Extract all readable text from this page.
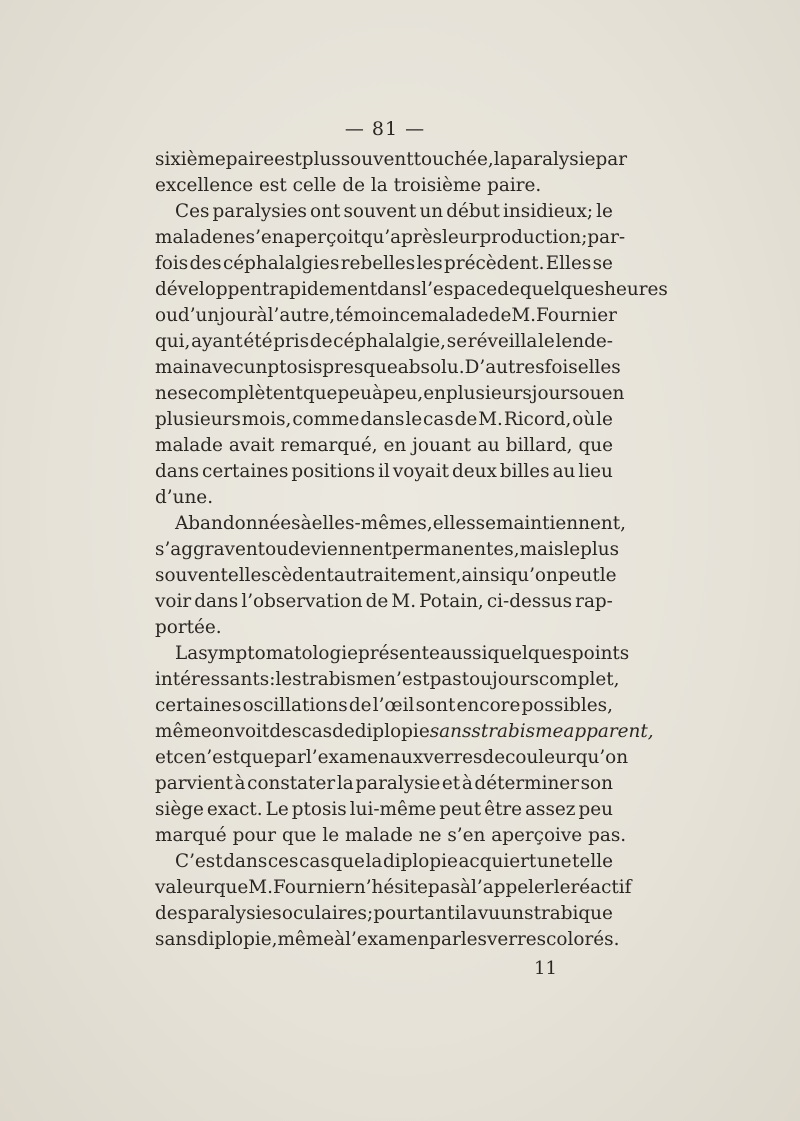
— 81 —
sixième paire est plus souvent touchée, la paralysie par
excellence est celle de la troisième paire.
Ces paralysies ont souvent un début insidieux; le
malade ne s’en aperçoit qu’après leur production ; par-
fois des céphalalgies rebelles les précèdent. Elles se
développent rapidement dans l’espace de quelques heures
ou d’un jour à l’autre, témoin ce malade de M. Fournier
qui, ayant été pris de céphalalgie, se réveilla le lende-
main avec un ptosis presque absolu. D’autres fois elles
ne se complètent que peu à peu, en plusieurs jours ou en
plusieurs mois, comme dans le cas de M. Ricord, où le
malade avait remarqué, en jouant au billard, que
dans certaines positions il voyait deux billes au lieu
d’une.
Abandonnées à elles-mêmes, elles se maintiennent,
s’aggravent ou deviennent permanentes, mais le plus
souvent elles cèdent au traitement, ainsi qu’on peut le
voir dans l’observation de M. Potain, ci-dessus rap-
portée.
La symptomatologie présente aussi quelques points
intéressants : le strabisme n’est pas toujours complet,
certaines oscillations de l’œil sont encore possibles,
même on voit des cas de diplopie sans strabisme apparent,
et ce n’est que par l’examen aux verres de couleur qu’on
parvient à constater la paralysie et à déterminer son
siège exact. Le ptosis lui-même peut être assez peu
marqué pour que le malade ne s’en aperçoive pas.
C’est dans ces cas que la diplopie acquiert une telle
valeur que M. Fournier n’hésite pas à l’appeler le réactif
des paralysies oculaires; pourtant il a vu un strabique
sans diplopie, même à l’examen par les verres colorés.
11
